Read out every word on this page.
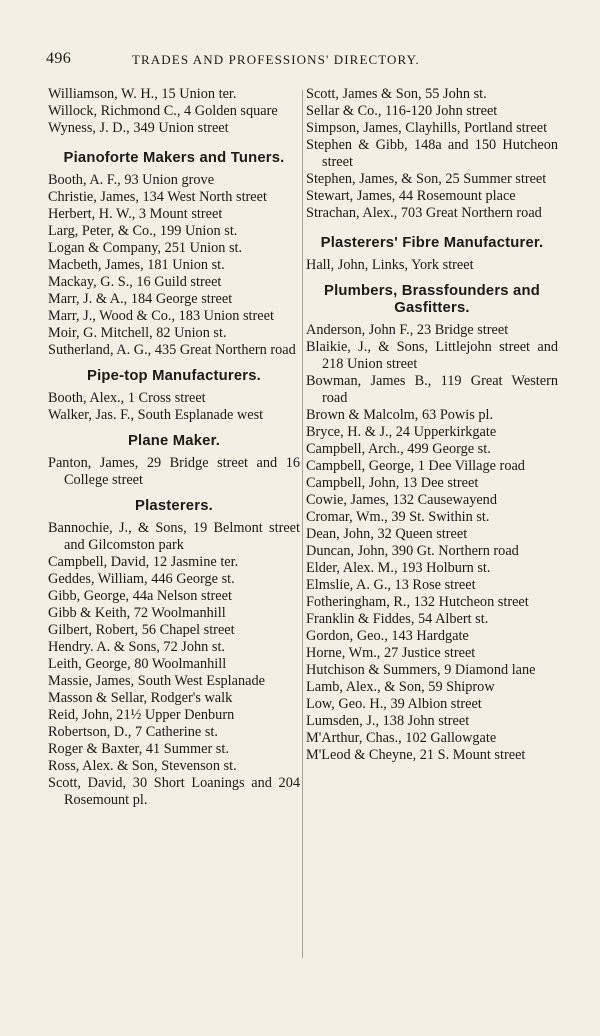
496	TRADES AND PROFESSIONS' DIRECTORY.

Williamson, W. H., 15 Union ter.

Willock, Richmond C., 4 Golden square

Wyness, J. D., 349 Union street

Pianoforte Makers and Tuners.

Booth, A. F., 93 Union grove

Christie, James, 134 West North street

Herbert, H. W., 3 Mount street

Larg, Peter, & Co., 199 Union st.

Logan & Company, 251 Union st.

Macbeth, James, 181 Union st.

Mackay, G. S., 16 Guild street

Marr, J. & A., 184 George street

Marr, J., Wood & Co., 183 Union street

Moir, G. Mitchell, 82 Union st.

Sutherland, A. G., 435 Great Northern road

Pipe-top Manufacturers.

Booth, Alex., 1 Cross street

Walker, Jas. F., South Esplanade west

Plane Maker.

Panton, James, 29 Bridge street and 16 College street

Plasterers.

Bannochie, J., & Sons, 19 Belmont street and Gilcomston park

Campbell, David, 12 Jasmine ter.

Geddes, William, 446 George st.

Gibb, George, 44a Nelson street

Gibb & Keith, 72 Woolmanhill

Gilbert, Robert, 56 Chapel street

Hendry. A. & Sons, 72 John st.

Leith, George, 80 Woolmanhill

Massie, James, South West Esplanade

Masson & Sellar, Rodger's walk

Reid, John, 21½ Upper Denburn

Robertson, D., 7 Catherine st.

Roger & Baxter, 41 Summer st.

Ross, Alex. & Son, Stevenson st.

Scott, David, 30 Short Loanings and 204 Rosemount pl.

Scott, James & Son, 55 John st.

Sellar & Co., 116-120 John street

Simpson, James, Clayhills, Portland street

Stephen & Gibb, 148a and 150 Hutcheon street

Stephen, James, & Son, 25 Summer street

Stewart, James, 44 Rosemount place

Strachan, Alex., 703 Great Northern road

Plasterers' Fibre Manufacturer.

Hall, John, Links, York street

Plumbers, Brassfounders and Gasfitters.

Anderson, John F., 23 Bridge street

Blaikie, J., & Sons, Littlejohn street and 218 Union street

Bowman, James B., 119 Great Western road

Brown & Malcolm, 63 Powis pl.

Bryce, H. & J., 24 Upperkirkgate

Campbell, Arch., 499 George st.

Campbell, George, 1 Dee Village road

Campbell, John, 13 Dee street

Cowie, James, 132 Causewayend

Cromar, Wm., 39 St. Swithin st.

Dean, John, 32 Queen street

Duncan, John, 390 Gt. Northern road

Elder, Alex. M., 193 Holburn st.

Elmslie, A. G., 13 Rose street

Fotheringham, R., 132 Hutcheon street

Franklin & Fiddes, 54 Albert st.

Gordon, Geo., 143 Hardgate

Horne, Wm., 27 Justice street

Hutchison & Summers, 9 Diamond lane

Lamb, Alex., & Son, 59 Shiprow

Low, Geo. H., 39 Albion street

Lumsden, J., 138 John street

M'Arthur, Chas., 102 Gallowgate

M'Leod & Cheyne, 21 S. Mount street
